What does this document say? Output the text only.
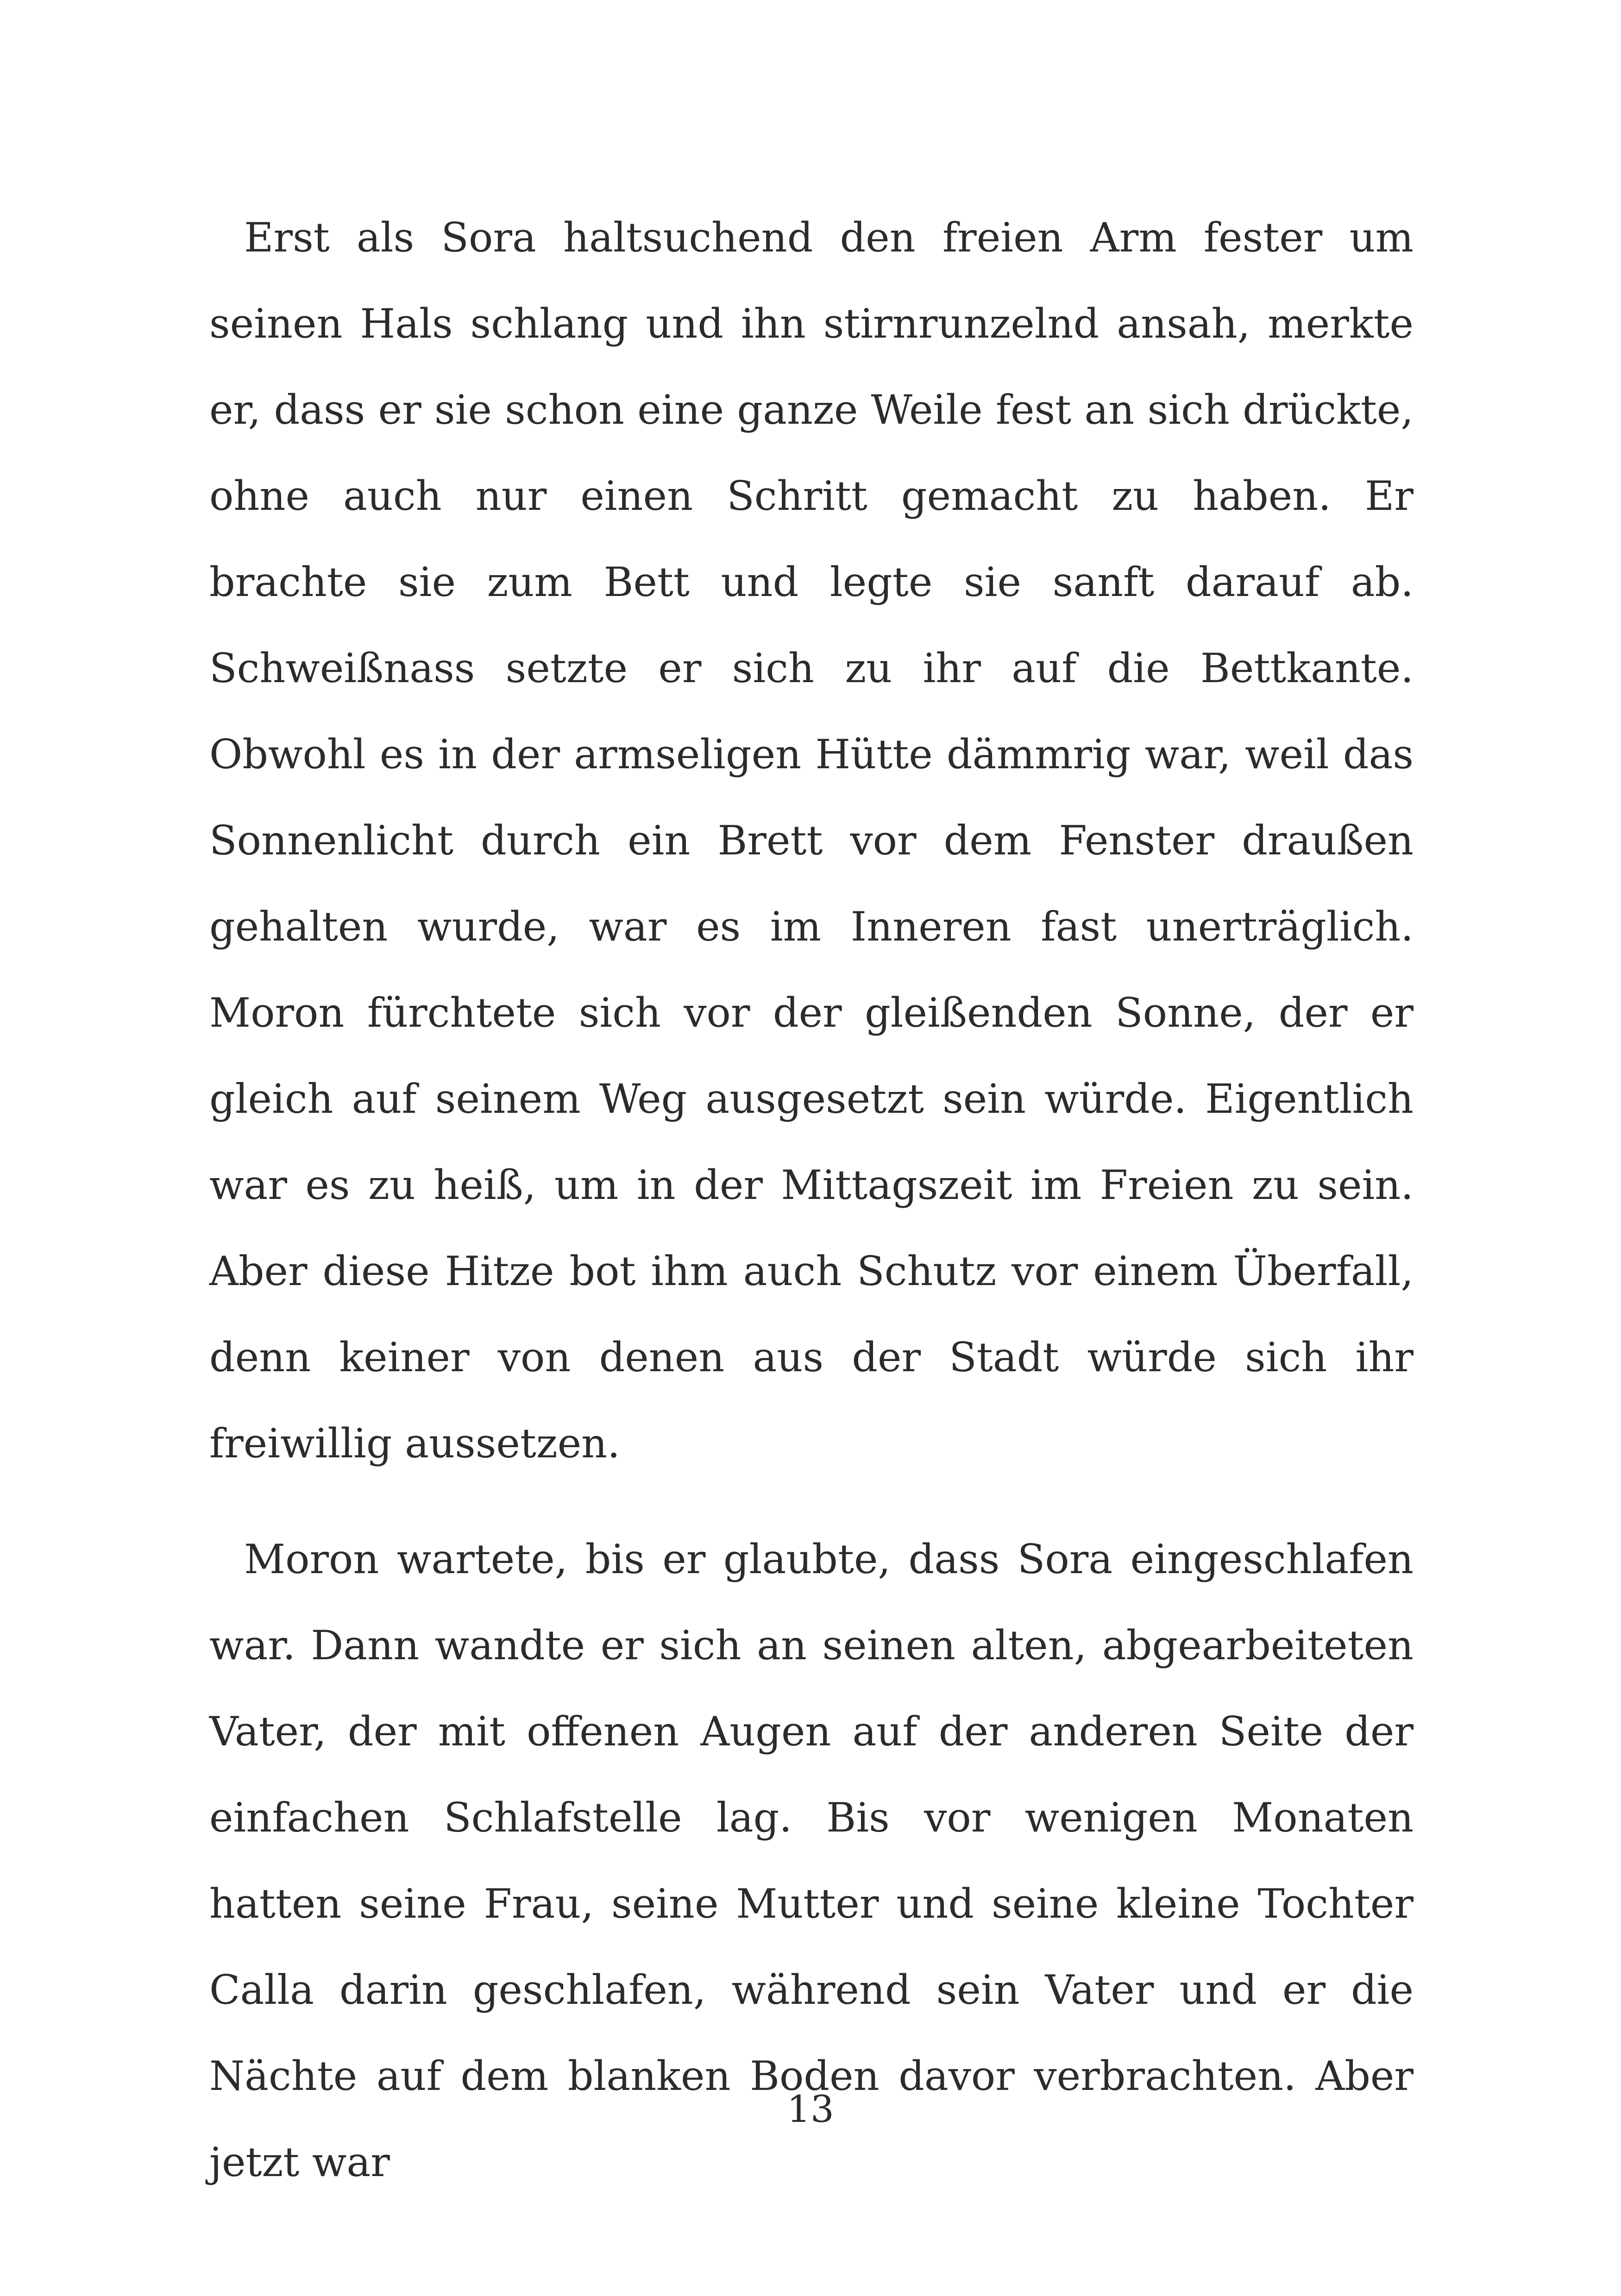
Erst als Sora haltsuchend den freien Arm fester um seinen Hals schlang und ihn stirnrunzelnd ansah, merkte er, dass er sie schon eine ganze Weile fest an sich drückte, ohne auch nur einen Schritt gemacht zu haben. Er brachte sie zum Bett und legte sie sanft darauf ab. Schweißnass setzte er sich zu ihr auf die Bettkante. Obwohl es in der armseligen Hütte dämmrig war, weil das Sonnenlicht durch ein Brett vor dem Fenster draußen gehalten wurde, war es im Inneren fast unerträglich. Moron fürchtete sich vor der gleißenden Sonne, der er gleich auf seinem Weg ausgesetzt sein würde. Eigentlich war es zu heiß, um in der Mittagszeit im Freien zu sein. Aber diese Hitze bot ihm auch Schutz vor einem Überfall, denn keiner von denen aus der Stadt würde sich ihr freiwillig aussetzen.

Moron wartete, bis er glaubte, dass Sora eingeschlafen war. Dann wandte er sich an seinen alten, abgearbeiteten Vater, der mit offenen Augen auf der anderen Seite der einfachen Schlafstelle lag. Bis vor wenigen Monaten hatten seine Frau, seine Mutter und seine kleine Tochter Calla darin geschlafen, während sein Vater und er die Nächte auf dem blanken Boden davor verbrachten. Aber jetzt war

13
